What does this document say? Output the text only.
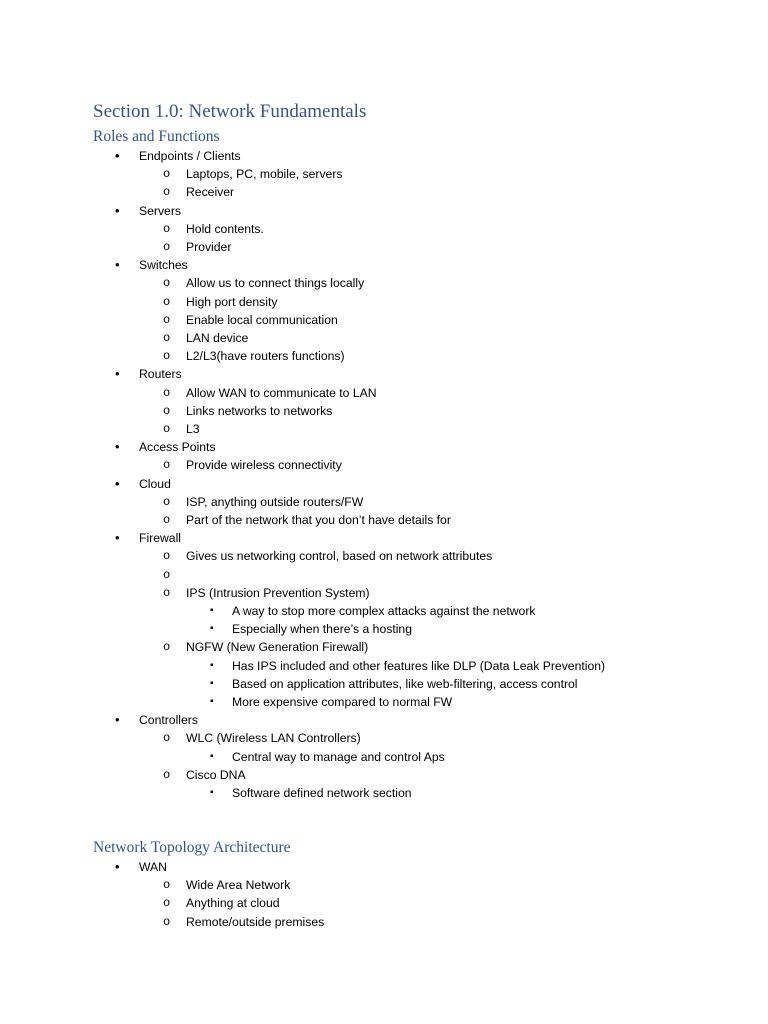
Section 1.0: Network Fundamentals
Roles and Functions
•	Endpoints / Clients
o	Laptops, PC, mobile, servers
o	Receiver
•	Servers
o	Hold contents.
o	Provider
•	Switches
o	Allow us to connect things locally
o	High port density
o	Enable local communication
o	LAN device
o	L2/L3(have routers functions)
•	Routers
o	Allow WAN to communicate to LAN
o	Links networks to networks
o	L3
•	Access Points
o	Provide wireless connectivity
•	Cloud
o	ISP, anything outside routers/FW
o	Part of the network that you don’t have details for
•	Firewall
o	Gives us networking control, based on network attributes
o
o	IPS (Intrusion Prevention System)
▪	A way to stop more complex attacks against the network
▪	Especially when there’s a hosting
o	NGFW (New Generation Firewall)
▪	Has IPS included and other features like DLP (Data Leak Prevention)
▪	Based on application attributes, like web-filtering, access control
▪	More expensive compared to normal FW
•	Controllers
o	WLC (Wireless LAN Controllers)
▪	Central way to manage and control Aps
o	Cisco DNA
▪	Software defined network section
Network Topology Architecture
•	WAN
o	Wide Area Network
o	Anything at cloud
o	Remote/outside premises
